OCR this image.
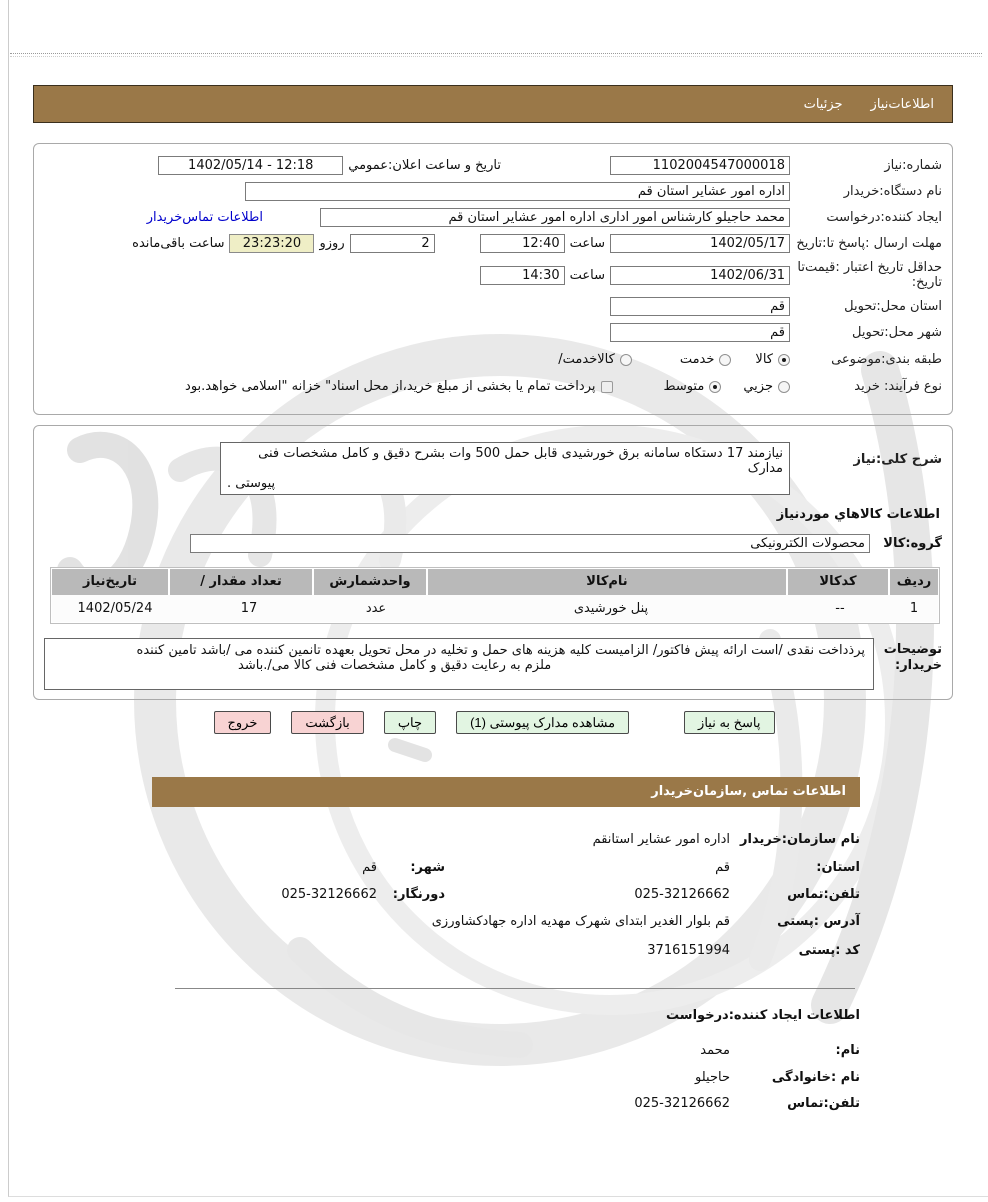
اطلاعات‌نیاز
جزئیات
شماره:نیاز
1102004547000018
تاریخ و ساعت اعلان:عمومي
1402/05/14 - 12:18
نام دستگاه:خریدار
اداره امور عشایر استان قم
ایجاد کننده:درخواست
محمد حاجیلو کارشناس امور اداری اداره امور عشایر استان قم
اطلاعات تماس‌خریدار
مهلت ارسال :پاسخ تا:تاریخ
1402/05/17
ساعت
12:40
2
روزو
23:23:20
ساعت باقی‌مانده
حداقل تاریخ اعتبار :قیمت‌تا
تاریخ:
1402/06/31
ساعت
14:30
استان محل:تحویل
قم
شهر محل:تحویل
قم
طبقه بندی:موضوعی
کالا
خدمت
کالاخدمت/
نوع فرآیند: خرید
جزیي
متوسط
پرداخت تمام یا بخشی از مبلغ خرید،از محل اسناد" خزانه "اسلامی خواهد.بود
شرح کلی:نیاز
نیازمند 17 دستکاه سامانه برق خورشیدی قابل حمل 500 وات بشرح دقیق و کامل مشخصات فنی مدارک
پیوستی .
اطلاعات کالاهاي موردنیاز
گروه:کالا
محصولات الکترونیکی
ردیف
کدکالا
نام‌کالا
واحدشمارش
تعداد مقدار /
تاریخ‌نیاز
1
--
پنل خورشیدی
عدد
17
1402/05/24
توضیحات
خریدار:
پرذداخت نقدی /است ارائه پیش فاکتور/ الزامیست کلیه هزینه های حمل و تخلیه در محل تحویل بعهده تانمین کننده می /باشد تامین کننده
ملزم به رعایت دقیق و کامل مشخصات فنی کالا می/.باشد
پاسخ به نیاز
مشاهده مدارک پیوستی (1)
چاپ
بازگشت
خروج
اطلاعات تماس ,سازمان‌خریدار
نام سازمان:خریدار
اداره امور عشایر استانقم
استان:
قم
شهر:
قم
تلفن:تماس
025-32126662
دورنگار:
025-32126662
آدرس :پستی
قم بلوار الغدیر ابتدای شهرک مهدیه اداره جهادکشاورزی
کد :پستی
3716151994
اطلاعات ایجاد کننده:درخواست
نام:
محمد
نام :خانوادگی
حاجیلو
تلفن:تماس
025-32126662
